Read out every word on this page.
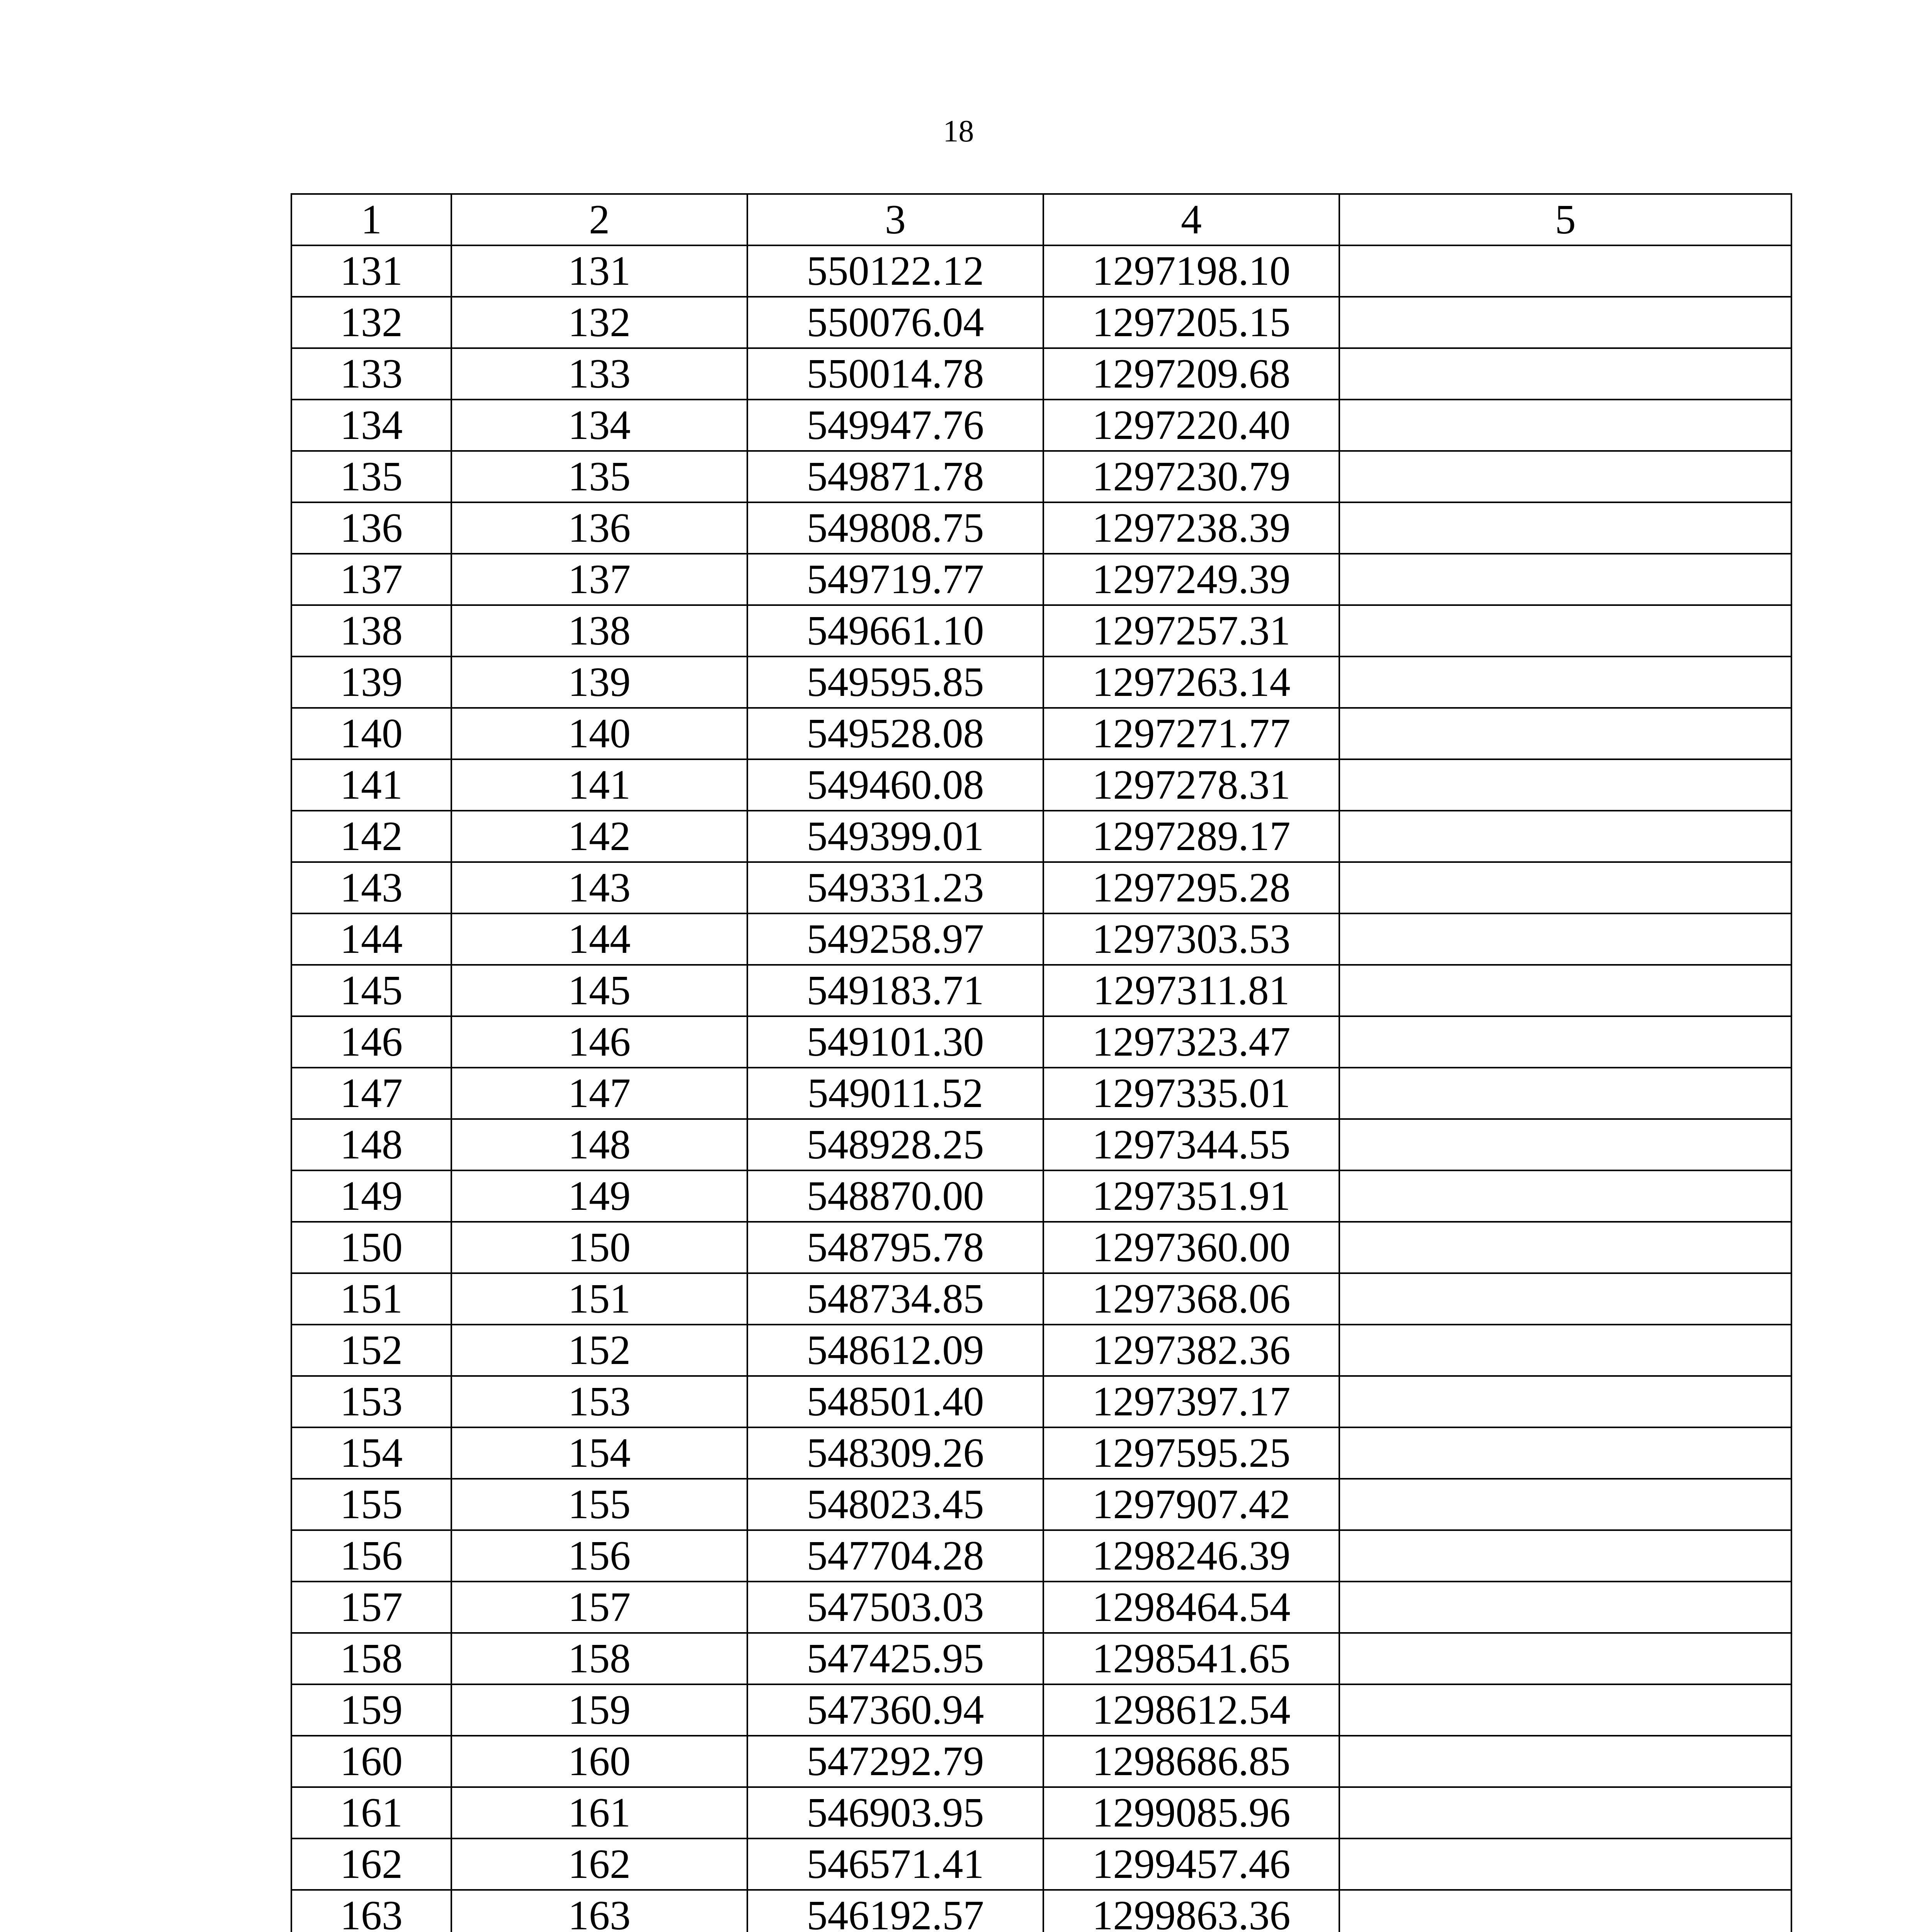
18
1	2	3	4	5
131	131	550122.12	1297198.10	
132	132	550076.04	1297205.15	
133	133	550014.78	1297209.68	
134	134	549947.76	1297220.40	
135	135	549871.78	1297230.79	
136	136	549808.75	1297238.39	
137	137	549719.77	1297249.39	
138	138	549661.10	1297257.31	
139	139	549595.85	1297263.14	
140	140	549528.08	1297271.77	
141	141	549460.08	1297278.31	
142	142	549399.01	1297289.17	
143	143	549331.23	1297295.28	
144	144	549258.97	1297303.53	
145	145	549183.71	1297311.81	
146	146	549101.30	1297323.47	
147	147	549011.52	1297335.01	
148	148	548928.25	1297344.55	
149	149	548870.00	1297351.91	
150	150	548795.78	1297360.00	
151	151	548734.85	1297368.06	
152	152	548612.09	1297382.36	
153	153	548501.40	1297397.17	
154	154	548309.26	1297595.25	
155	155	548023.45	1297907.42	
156	156	547704.28	1298246.39	
157	157	547503.03	1298464.54	
158	158	547425.95	1298541.65	
159	159	547360.94	1298612.54	
160	160	547292.79	1298686.85	
161	161	546903.95	1299085.96	
162	162	546571.41	1299457.46	
163	163	546192.57	1299863.36	
